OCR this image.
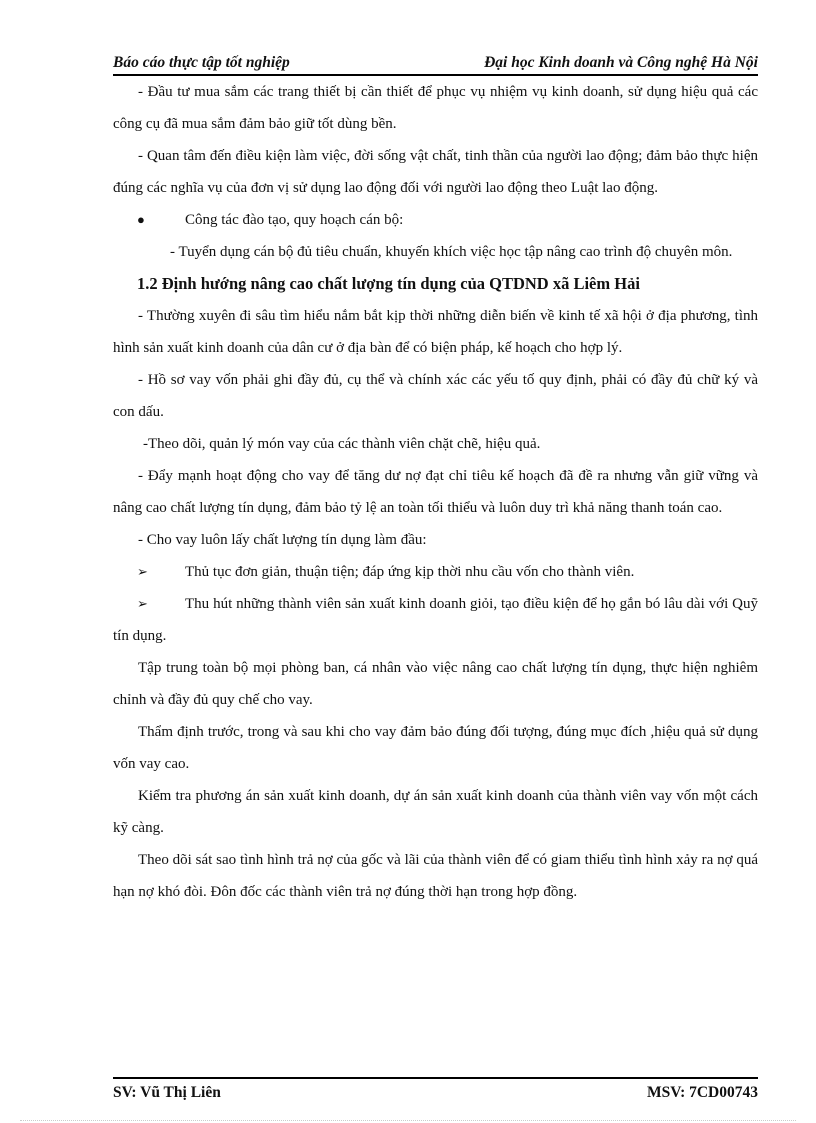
Báo cáo thực tập tốt nghiệp	Đại học Kinh doanh và Công nghệ Hà Nội

- Đầu tư mua sắm các trang thiết bị cần thiết để phục vụ nhiệm vụ kinh doanh, sử dụng hiệu quả các công cụ đã mua sắm đảm bảo giữ tốt dùng bền.

- Quan tâm đến điều kiện làm việc, đời sống vật chất, tinh thần của người lao động; đảm bảo thực hiện đúng các nghĩa vụ của đơn vị sử dụng lao động đối với người lao động theo Luật lao động.

●	Công tác đào tạo, quy hoạch cán bộ:

- Tuyển dụng cán bộ đủ tiêu chuẩn, khuyến khích việc học tập nâng cao trình độ chuyên môn.

1.2 Định hướng nâng cao chất lượng tín dụng của QTDND xã Liêm Hải

- Thường xuyên đi sâu tìm hiểu nắm bắt kịp thời những diễn biến về kinh tế xã hội ở địa phương, tình hình sản xuất kinh doanh của dân cư ở địa bàn để có biện pháp, kế hoạch cho hợp lý.

- Hồ sơ vay vốn phải ghi đầy đủ, cụ thể và chính xác các yếu tố quy định, phải có đầy đủ chữ ký và con dấu.

-Theo dõi, quản lý món vay của các thành viên chặt chẽ, hiệu quả.

- Đẩy mạnh hoạt động cho vay để tăng dư nợ đạt chỉ tiêu kế hoạch đã đề ra nhưng vẫn giữ vững và nâng cao chất lượng tín dụng, đảm bảo tỷ lệ an toàn tối thiểu và luôn duy trì khả năng thanh toán cao.

- Cho vay luôn lấy chất lượng tín dụng làm đầu:

➢ Thủ tục đơn giản, thuận tiện; đáp ứng kịp thời nhu cầu vốn cho thành viên.

➢	Thu hút những thành viên sản xuất kinh doanh giỏi, tạo điều kiện để họ gắn bó lâu dài với Quỹ tín dụng.

Tập trung toàn bộ mọi phòng ban, cá nhân vào việc nâng cao chất lượng tín dụng, thực hiện nghiêm chỉnh và đầy đủ quy chế cho vay.

Thẩm định trước, trong và sau khi cho vay đảm bảo đúng đối tượng, đúng mục đích ,hiệu quả sử dụng vốn vay cao.

Kiểm tra phương án sản xuất kinh doanh, dự án sản xuất kinh doanh của thành viên vay vốn một cách kỹ càng.

Theo dõi sát sao tình hình trả nợ của gốc và lãi của thành viên để có giam thiểu tình hình xảy ra nợ quá hạn nợ khó đòi. Đôn đốc các thành viên trả nợ đúng thời hạn trong hợp đồng.

SV: Vũ Thị Liên	MSV: 7CD00743
